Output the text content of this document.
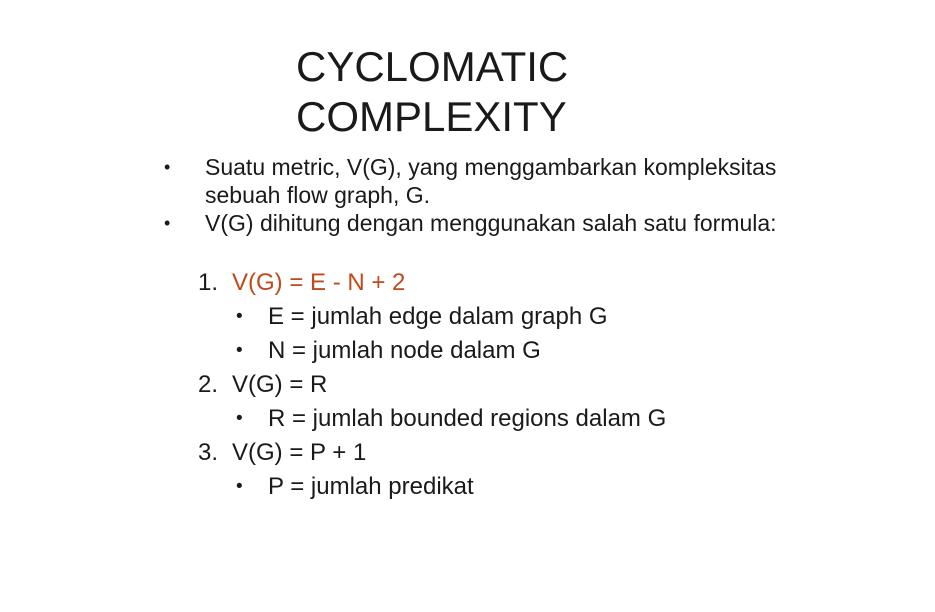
CYCLOMATIC
COMPLEXITY
• Suatu metric, V(G), yang menggambarkan kompleksitas sebuah flow graph, G.
• V(G) dihitung dengan menggunakan salah satu formula:
1. V(G) = E - N + 2
•	E = jumlah edge dalam graph G
•	N = jumlah node dalam G
2. V(G) = R
•	R = jumlah bounded regions dalam G
3. V(G) = P + 1
•	P = jumlah predikat
